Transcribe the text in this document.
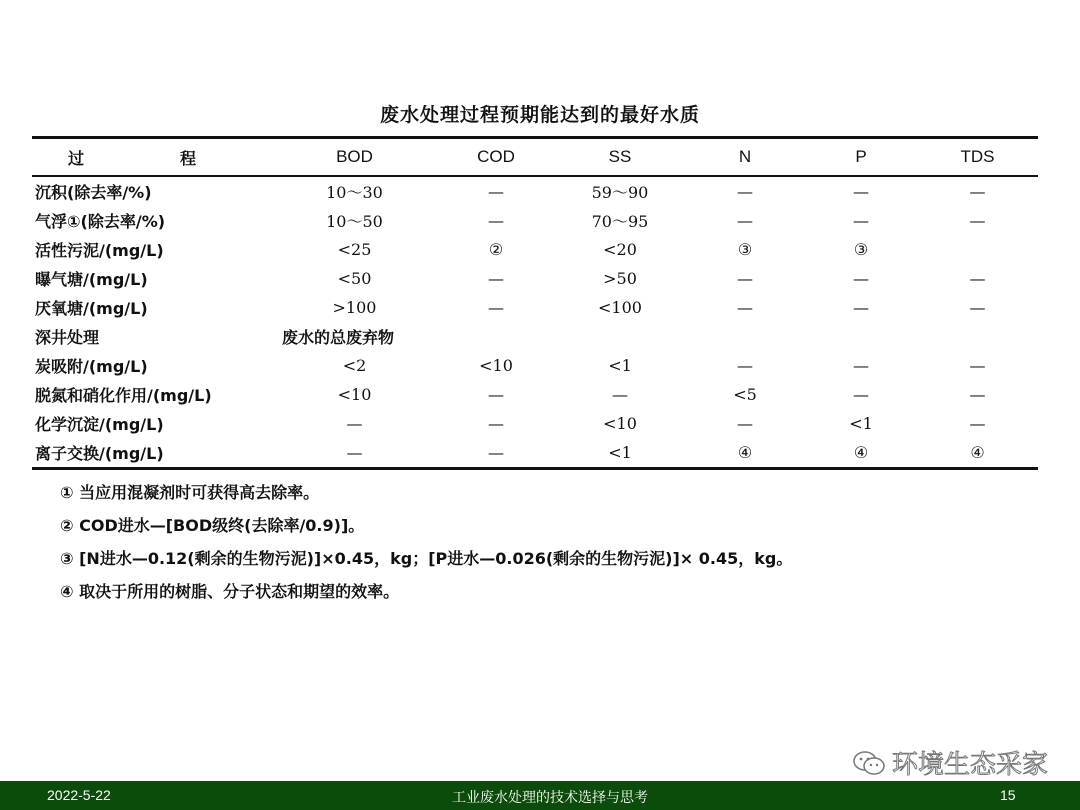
废水处理过程预期能达到的最好水质
过　程	BOD	COD	SS	N	P	TDS
沉积(除去率/%)	10～30	—	59～90	—	—	—
气浮①(除去率/%)	10～50	—	70～95	—	—	—
活性污泥/(mg/L)	<25	②	<20	③	③	
曝气塘/(mg/L)	<50	—	>50	—	—	—
厌氧塘/(mg/L)	>100	—	<100	—	—	—
深井处理	废水的总废弃物					
炭吸附/(mg/L)	<2	<10	<1	—	—	—
脱氮和硝化作用/(mg/L)	<10	—	—	<5	—	—
化学沉淀/(mg/L)	—	—	<10	—	<1	—
离子交换/(mg/L)	—	—	<1	④	④	④
① 当应用混凝剂时可获得高去除率。
② COD进水—[BOD级终(去除率/0.9)]。
③ [N进水—0.12(剩余的生物污泥)]×0.45，kg；[P进水—0.026(剩余的生物污泥)]× 0.45，kg。
④ 取决于所用的树脂、分子状态和期望的效率。
环境生态采家
2022-5-22	工业废水处理的技术选择与思考	15
